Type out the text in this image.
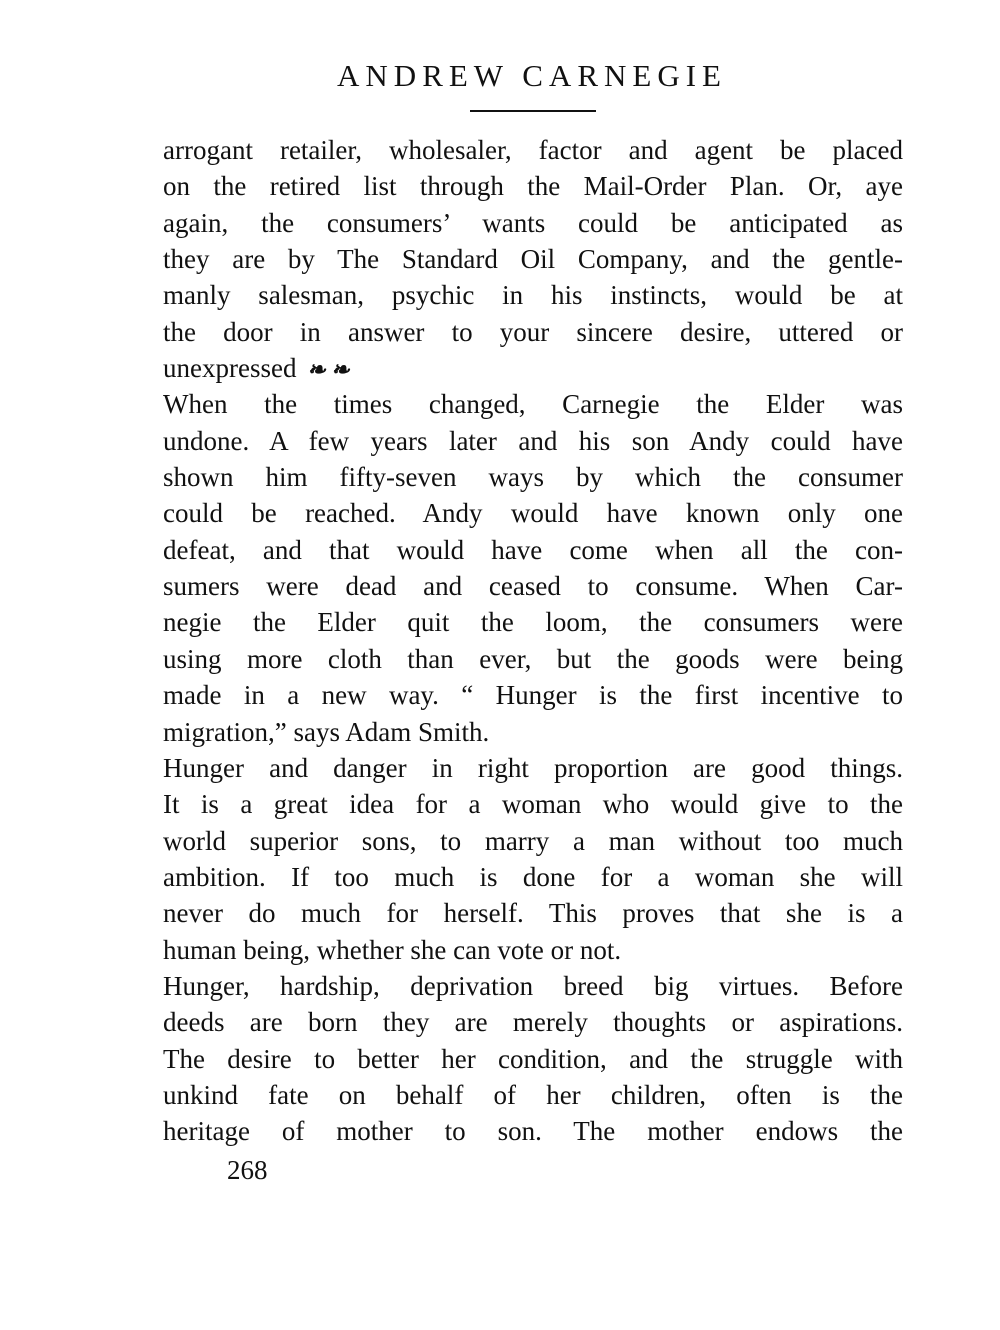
ANDREW CARNEGIE
arrogant retailer, wholesaler, factor and agent be placed
on the retired list through the Mail-Order Plan. Or, aye
again, the consumers’ wants could be anticipated as
they are by The Standard Oil Company, and the gentle-
manly salesman, psychic in his instincts, would be at
the door in answer to your sincere desire, uttered or
unexpressed ❧ ❧
When the times changed, Carnegie the Elder was
undone. A few years later and his son Andy could have
shown him fifty-seven ways by which the consumer
could be reached. Andy would have known only one
defeat, and that would have come when all the con-
sumers were dead and ceased to consume. When Car-
negie the Elder quit the loom, the consumers were
using more cloth than ever, but the goods were being
made in a new way. “ Hunger is the first incentive to
migration,” says Adam Smith.
Hunger and danger in right proportion are good things.
It is a great idea for a woman who would give to the
world superior sons, to marry a man without too much
ambition. If too much is done for a woman she will
never do much for herself. This proves that she is a
human being, whether she can vote or not.
Hunger, hardship, deprivation breed big virtues. Before
deeds are born they are merely thoughts or aspirations.
The desire to better her condition, and the struggle with
unkind fate on behalf of her children, often is the
heritage of mother to son. The mother endows the
268
